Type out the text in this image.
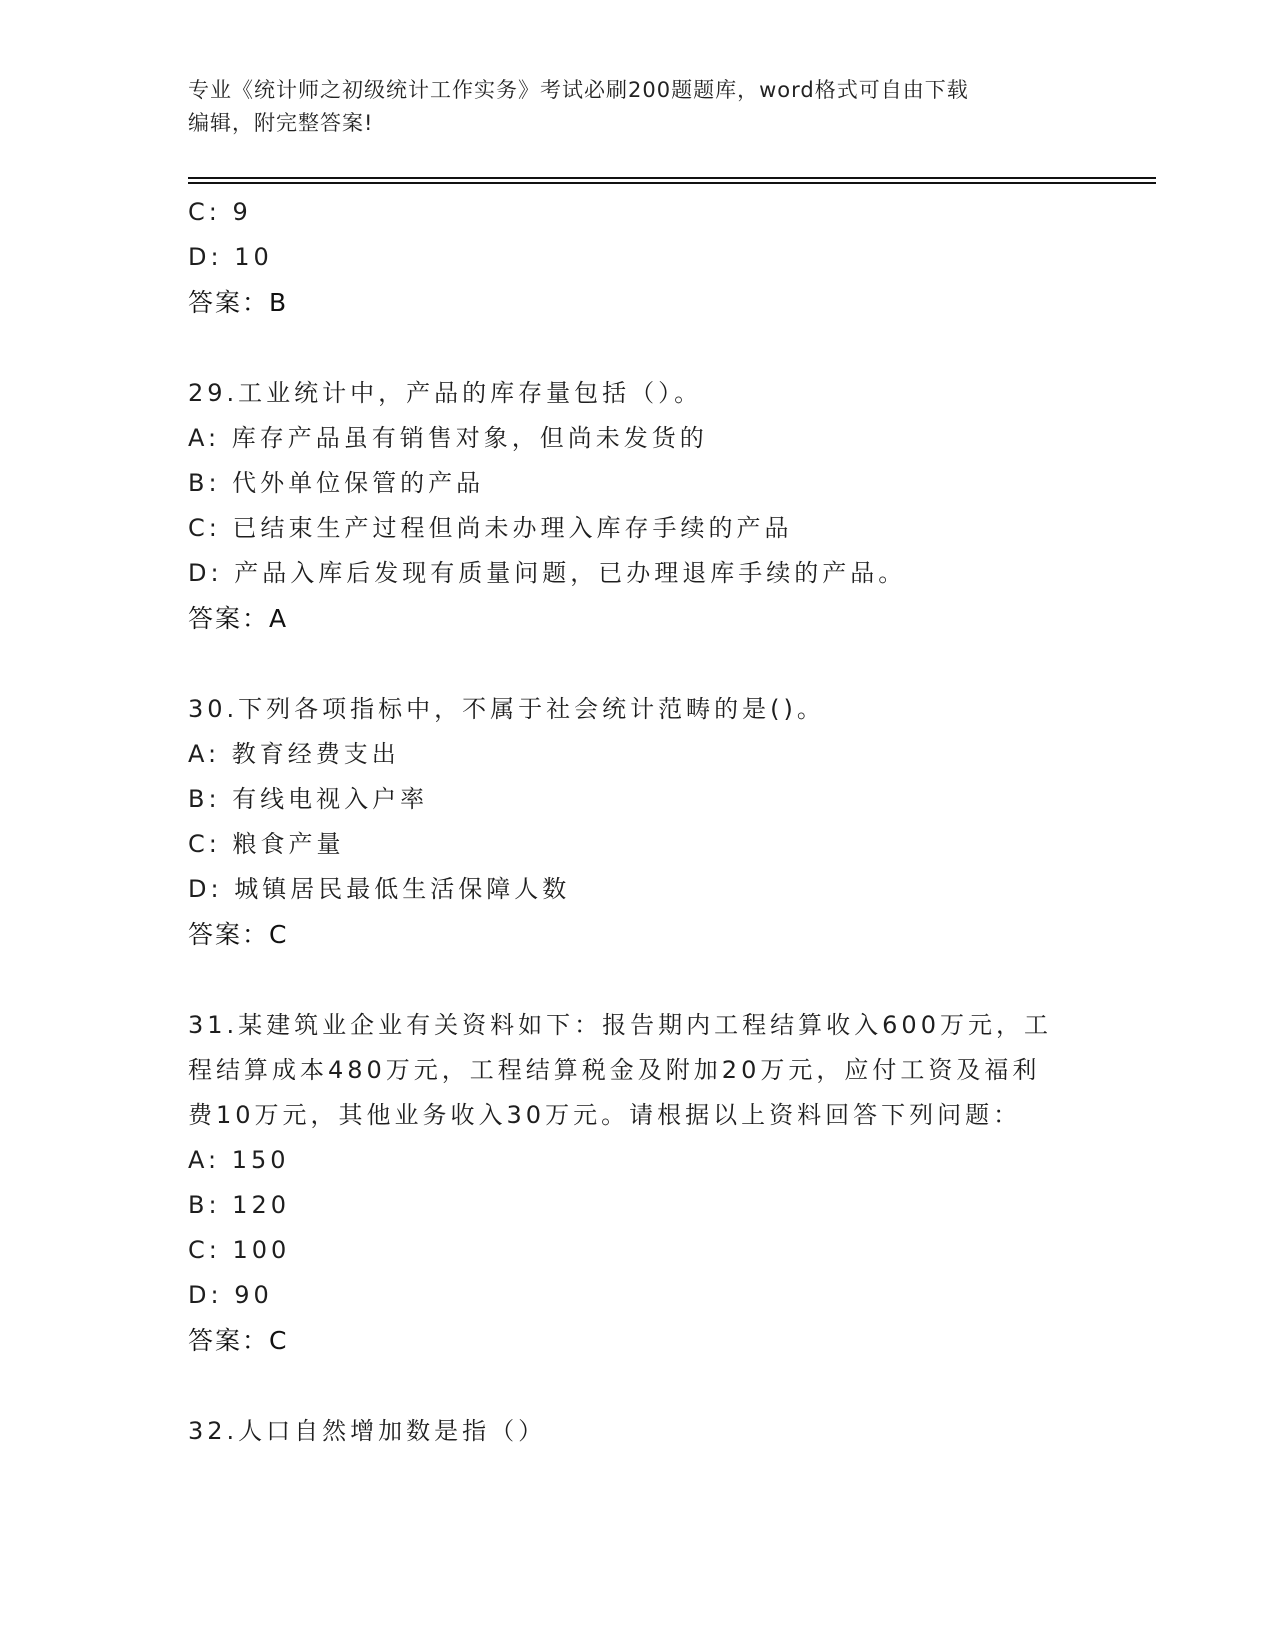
专业《统计师之初级统计工作实务》考试必刷200题题库，word格式可自由下载
编辑，附完整答案!
C: 9
D: 10
答案：B
29.工业统计中，产品的库存量包括（）。
A: 库存产品虽有销售对象，但尚未发货的
B: 代外单位保管的产品
C: 已结束生产过程但尚未办理入库存手续的产品
D: 产品入库后发现有质量问题，已办理退库手续的产品。
答案：A
30.下列各项指标中，不属于社会统计范畴的是()。
A: 教育经费支出
B: 有线电视入户率
C: 粮食产量
D: 城镇居民最低生活保障人数
答案：C
31.某建筑业企业有关资料如下：报告期内工程结算收入600万元，工
程结算成本480万元，工程结算税金及附加20万元，应付工资及福利
费10万元，其他业务收入30万元。请根据以上资料回答下列问题：
A: 150
B: 120
C: 100
D: 90
答案：C
32.人口自然增加数是指（）
